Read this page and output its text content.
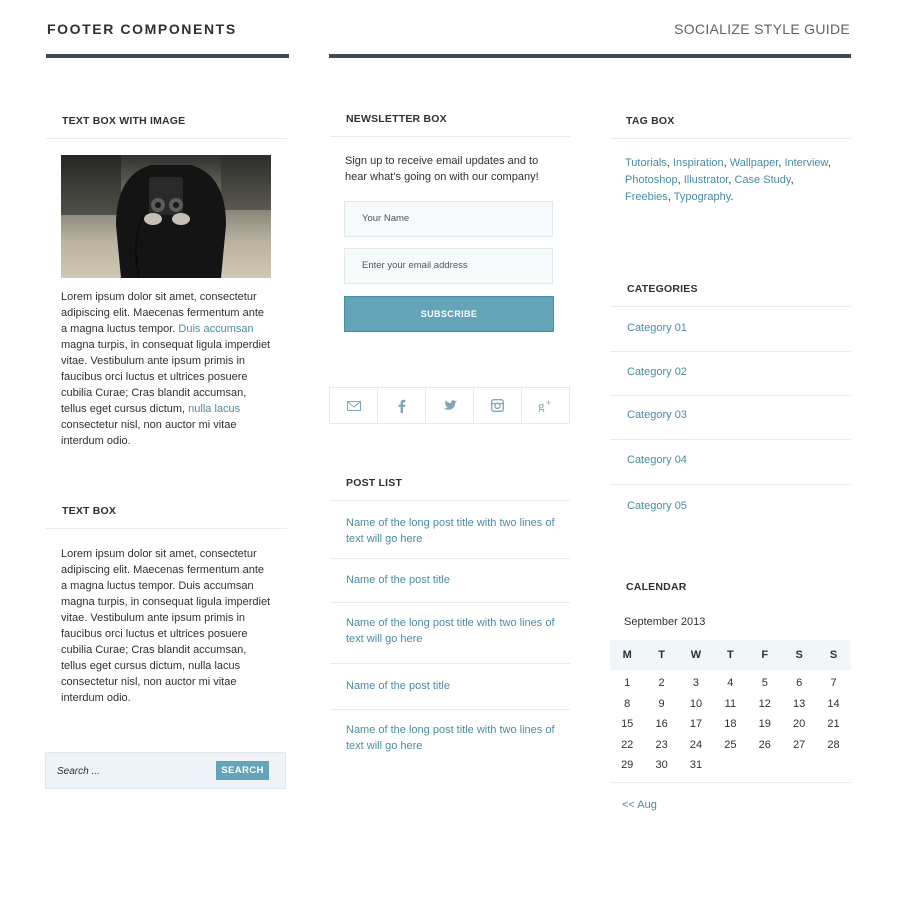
FOOTER COMPONENTS	SOCIALIZE STYLE GUIDE
TEXT BOX WITH IMAGE
Lorem ipsum dolor sit amet, consectetur adipiscing elit. Maecenas fermentum ante a magna luctus tempor. Duis accumsan magna turpis, in consequat ligula imperdiet vitae. Vestibulum ante ipsum primis in faucibus orci luctus et ultrices posuere cubilia Curae; Cras blandit accumsan, tellus eget cursus dictum, nulla lacus consectetur nisl, non auctor mi vitae interdum odio.
TEXT BOX
Lorem ipsum dolor sit amet, consectetur adipiscing elit. Maecenas fermentum ante a magna luctus tempor. Duis accumsan magna turpis, in consequat ligula imperdiet vitae. Vestibulum ante ipsum primis in faucibus orci luctus et ultrices posuere cubilia Curae; Cras blandit accumsan, tellus eget cursus dictum, nulla lacus consectetur nisl, non auctor mi vitae interdum odio.
Search ...	SEARCH
NEWSLETTER BOX
Sign up to receive email updates and to hear what’s going on with our company!
Your Name
Enter your email address
SUBSCRIBE
g +
POST LIST
Name of the long post title with two lines of text will go here
Name of the post title
Name of the long post title with two lines of text will go here
Name of the post title
Name of the long post title with two lines of text will go here
TAG BOX
Tutorials, Inspiration, Wallpaper, Interview, Photoshop, Illustrator, Case Study, Freebies, Typography.
CATEGORIES
Category 01
Category 02
Category 03
Category 04
Category 05
CALENDAR
September 2013
M	T	W	T	F	S	S
1	2	3	4	5	6	7
8	9	10	11	12	13	14
15	16	17	18	19	20	21
22	23	24	25	26	27	28
29	30	31
<< Aug
